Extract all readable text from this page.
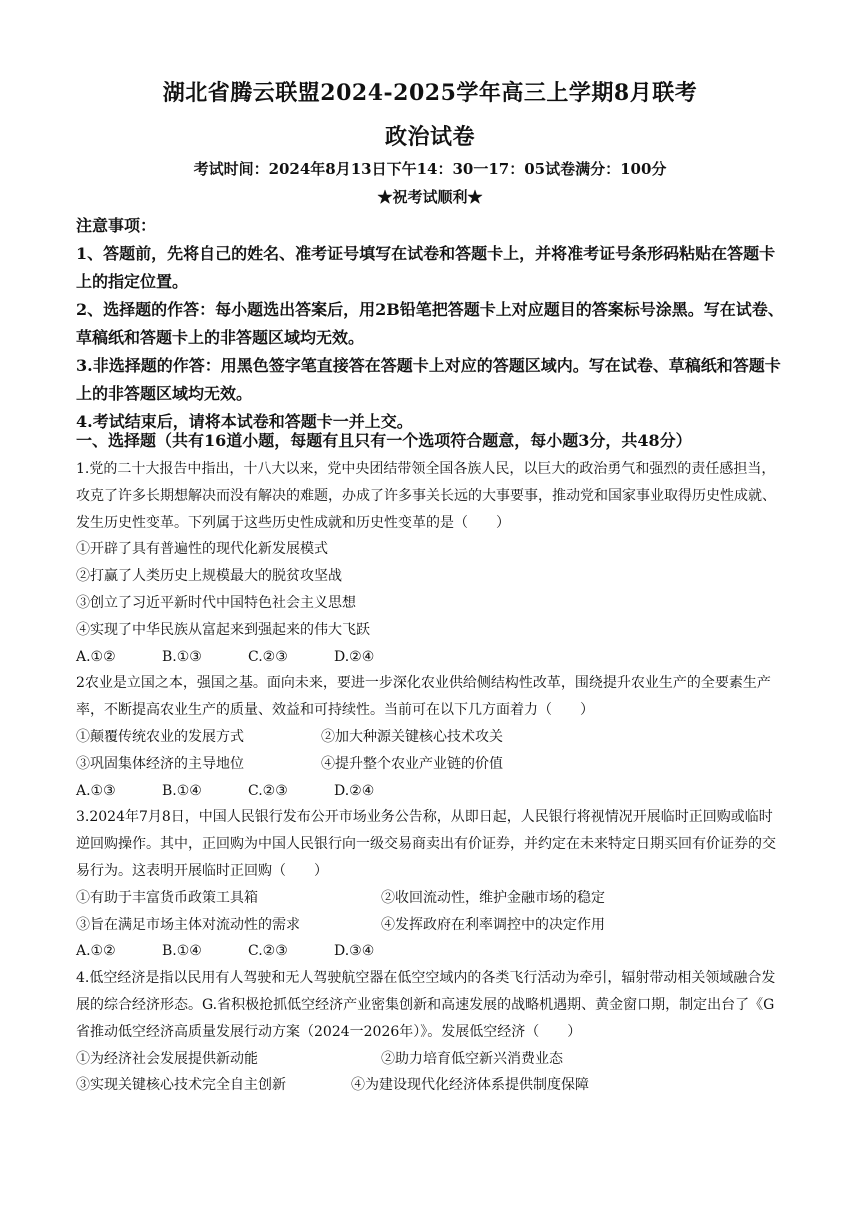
湖北省腾云联盟2024-2025学年高三上学期8月联考
政治试卷
考试时间：2024年8月13日下午14：30一17：05试卷满分：100分
★祝考试顺利★

注意事项：

1、答题前，先将自己的姓名、准考证号填写在试卷和答题卡上，并将准考证号条形码粘贴在答题卡上的指定位置。

2、选择题的作答：每小题选出答案后，用2B铅笔把答题卡上对应题目的答案标号涂黑。写在试卷、草稿纸和答题卡上的非答题区域均无效。

3.非选择题的作答：用黑色签字笔直接答在答题卡上对应的答题区域内。写在试卷、草稿纸和答题卡上的非答题区域均无效。

4.考试结束后，请将本试卷和答题卡一并上交。

一、选择题（共有16道小题，每题有且只有一个选项符合题意，每小题3分，共48分）

1.党的二十大报告中指出，十八大以来，党中央团结带领全国各族人民，以巨大的政治勇气和强烈的责任感担当，攻克了许多长期想解决而没有解决的难题，办成了许多事关长远的大事要事，推动党和国家事业取得历史性成就、发生历史性变革。下列属于这些历史性成就和历史性变革的是（　　）

①开辟了具有普遍性的现代化新发展模式

②打赢了人类历史上规模最大的脱贫攻坚战

③创立了习近平新时代中国特色社会主义思想

④实现了中华民族从富起来到强起来的伟大飞跃

A.①②	B.①③	C.②③	D.②④

2农业是立国之本，强国之基。面向未来，要进一步深化农业供给侧结构性改革，围绕提升农业生产的全要素生产率，不断提高农业生产的质量、效益和可持续性。当前可在以下几方面着力（　　）

①颠覆传统农业的发展方式	②加大种源关键核心技术攻关
③巩固集体经济的主导地位	④提升整个农业产业链的价值
A.①③	B.①④	C.②③	D.②④

3.2024年7月8日，中国人民银行发布公开市场业务公告称，从即日起，人民银行将视情况开展临时正回购或临时逆回购操作。其中，正回购为中国人民银行向一级交易商卖出有价证券，并约定在未来特定日期买回有价证券的交易行为。这表明开展临时正回购（　　）

①有助于丰富货币政策工具箱	②收回流动性，维护金融市场的稳定
③旨在满足市场主体对流动性的需求	④发挥政府在利率调控中的决定作用
A.①②	B.①④	C.②③	D.③④

4.低空经济是指以民用有人驾驶和无人驾驶航空器在低空空域内的各类飞行活动为牵引，辐射带动相关领域融合发展的综合经济形态。G.省积极抢抓低空经济产业密集创新和高速发展的战略机遇期、黄金窗口期，制定出台了《G省推动低空经济高质量发展行动方案（2024一2026年）》。发展低空经济（　　）

①为经济社会发展提供新动能	②助力培育低空新兴消费业态
③实现关键核心技术完全自主创新	④为建设现代化经济体系提供制度保障
